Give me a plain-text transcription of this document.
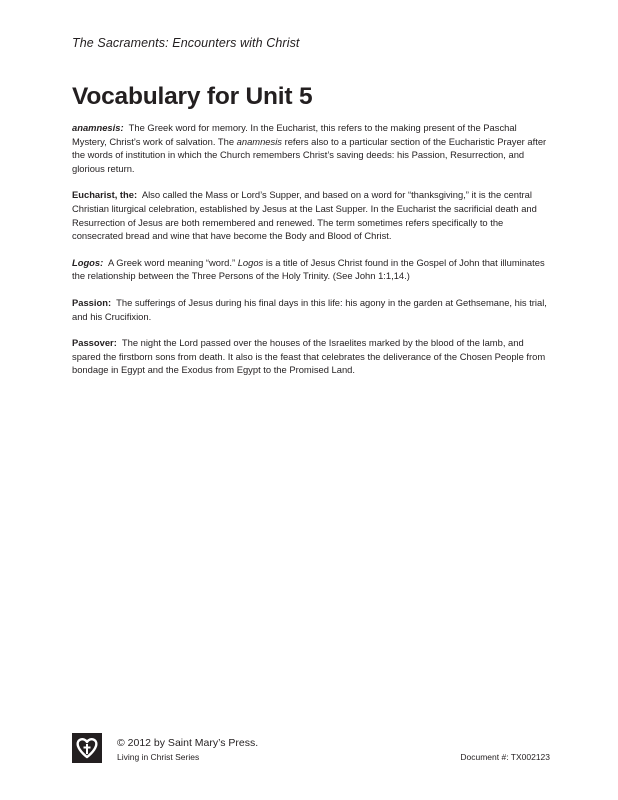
The Sacraments: Encounters with Christ
Vocabulary for Unit 5

anamnesis: The Greek word for memory. In the Eucharist, this refers to the making present of the Paschal Mystery, Christ’s work of salvation. The anamnesis refers also to a particular section of the Eucharistic Prayer after the words of institution in which the Church remembers Christ’s saving deeds: his Passion, Resurrection, and glorious return.

Eucharist, the: Also called the Mass or Lord’s Supper, and based on a word for “thanksgiving,” it is the central Christian liturgical celebration, established by Jesus at the Last Supper. In the Eucharist the sacrificial death and Resurrection of Jesus are both remembered and renewed. The term sometimes refers specifically to the consecrated bread and wine that have become the Body and Blood of Christ.

Logos: A Greek word meaning “word.” Logos is a title of Jesus Christ found in the Gospel of John that illuminates the relationship between the Three Persons of the Holy Trinity. (See John 1:1,14.)

Passion: The sufferings of Jesus during his final days in this life: his agony in the garden at Gethsemane, his trial, and his Crucifixion.

Passover: The night the Lord passed over the houses of the Israelites marked by the blood of the lamb, and spared the firstborn sons from death. It also is the feast that celebrates the deliverance of the Chosen People from bondage in Egypt and the Exodus from Egypt to the Promised Land.

© 2012 by Saint Mary’s Press.
Living in Christ Series	Document #: TX002123
